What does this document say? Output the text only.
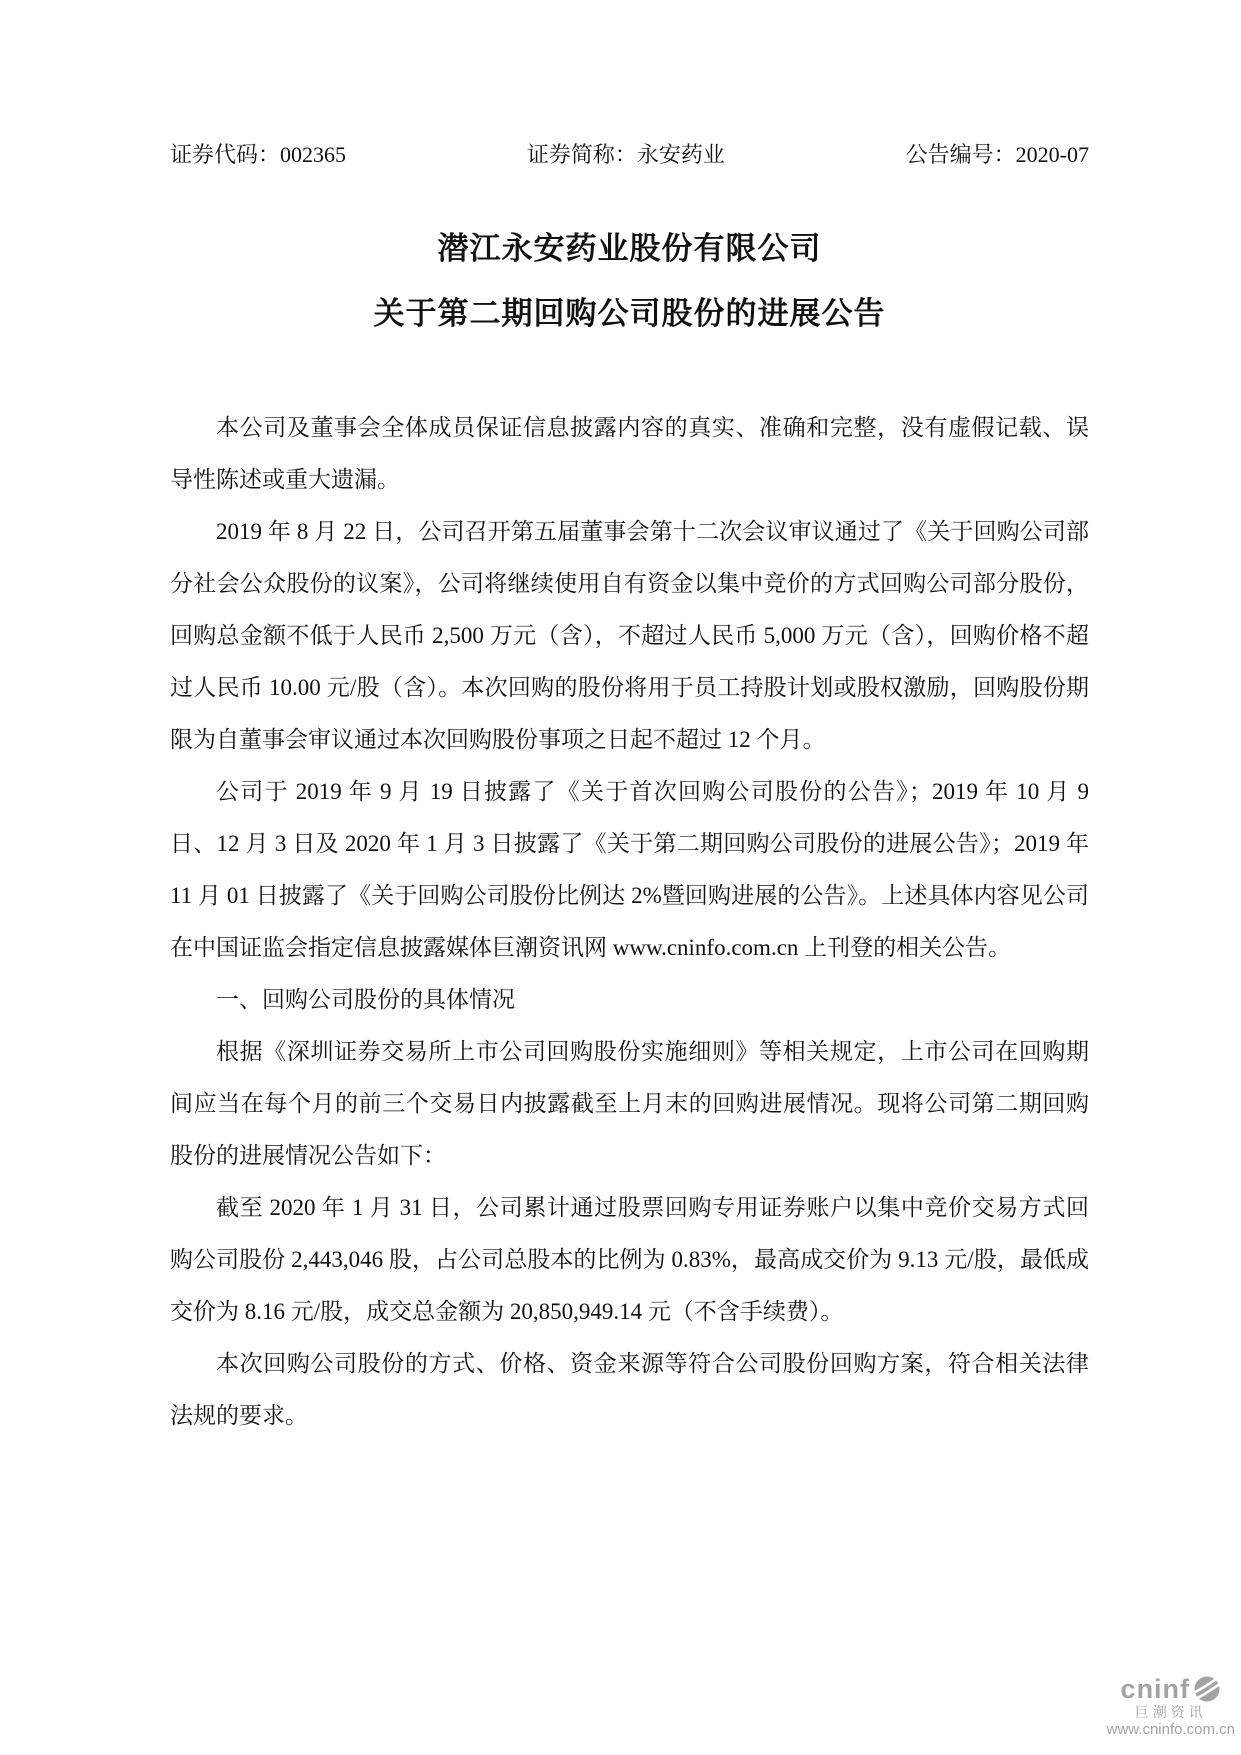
证券代码：002365	证券简称：永安药业	公告编号：2020-07
潜江永安药业股份有限公司
关于第二期回购公司股份的进展公告

本公司及董事会全体成员保证信息披露内容的真实、准确和完整，没有虚假记载、误导性陈述或重大遗漏。

2019 年 8 月 22 日，公司召开第五届董事会第十二次会议审议通过了《关于回购公司部分社会公众股份的议案》，公司将继续使用自有资金以集中竞价的方式回购公司部分股份，回购总金额不低于人民币 2,500 万元（含），不超过人民币 5,000 万元（含），回购价格不超过人民币 10.00 元/股（含）。本次回购的股份将用于员工持股计划或股权激励，回购股份期限为自董事会审议通过本次回购股份事项之日起不超过 12 个月。

公司于 2019 年 9 月 19 日披露了《关于首次回购公司股份的公告》；2019 年 10 月 9 日、12 月 3 日及 2020 年 1 月 3 日披露了《关于第二期回购公司股份的进展公告》；2019 年 11 月 01 日披露了《关于回购公司股份比例达 2%暨回购进展的公告》。上述具体内容见公司在中国证监会指定信息披露媒体巨潮资讯网 www.cninfo.com.cn 上刊登的相关公告。

一、回购公司股份的具体情况

根据《深圳证券交易所上市公司回购股份实施细则》等相关规定，上市公司在回购期间应当在每个月的前三个交易日内披露截至上月末的回购进展情况。现将公司第二期回购股份的进展情况公告如下：

截至 2020 年 1 月 31 日，公司累计通过股票回购专用证券账户以集中竞价交易方式回购公司股份 2,443,046 股，占公司总股本的比例为 0.83%，最高成交价为 9.13 元/股，最低成交价为 8.16 元/股，成交总金额为 20,850,949.14 元（不含手续费）。

本次回购公司股份的方式、价格、资金来源等符合公司股份回购方案，符合相关法律法规的要求。

cninf
巨潮资讯
www.cninfo.com.cn
